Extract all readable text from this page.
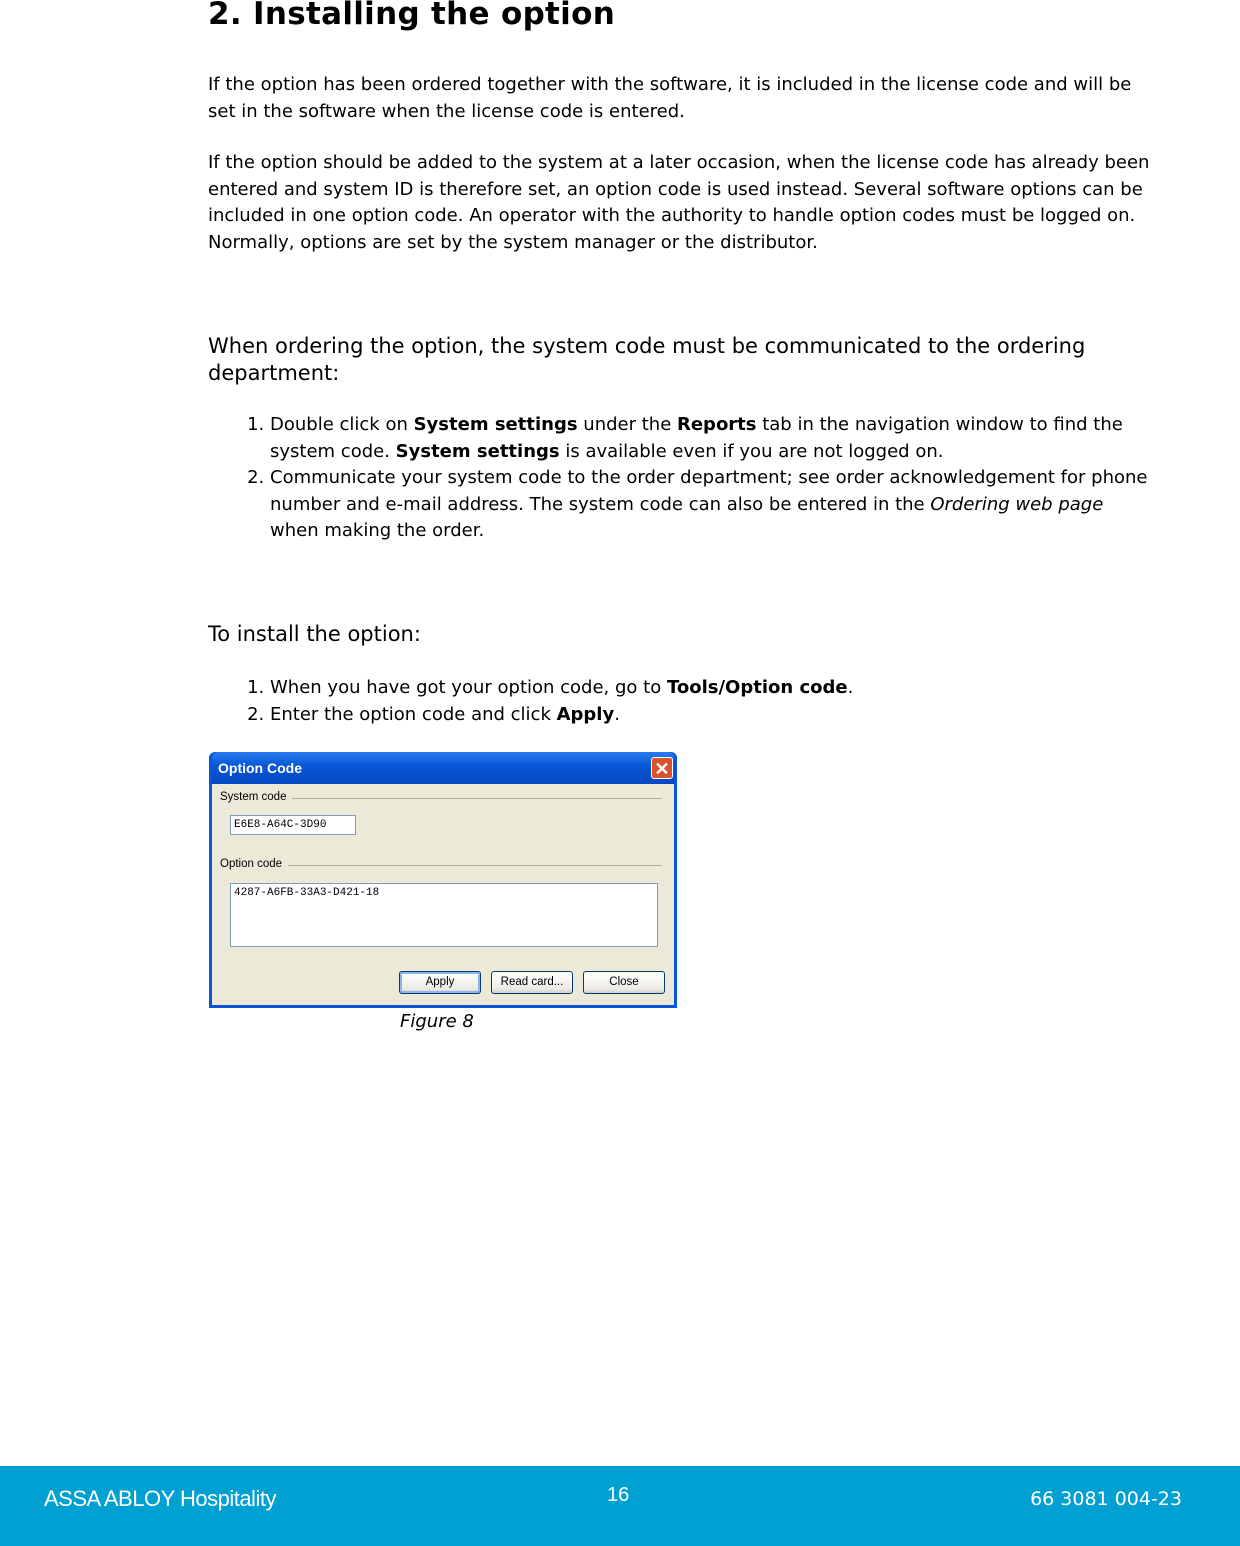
2. Installing the option

If the option has been ordered together with the software, it is included in the license code and will be set in the software when the license code is entered.

If the option should be added to the system at a later occasion, when the license code has already been entered and system ID is therefore set, an option code is used instead. Several software options can be included in one option code. An operator with the authority to handle option codes must be logged on. Normally, options are set by the system manager or the distributor.

When ordering the option, the system code must be communicated to the ordering department:

1. Double click on System settings under the Reports tab in the navigation window to find the system code. System settings is available even if you are not logged on.
2. Communicate your system code to the order department; see order acknowledgement for phone number and e-mail address. The system code can also be entered in the Ordering web page when making the order.

To install the option:

1. When you have got your option code, go to Tools/Option code.
2. Enter the option code and click Apply.
Option Code	✕
System code
E6E8-A64C-3D90
Option code
4287-A6FB-33A3-D421-18
Apply	Read card...	Close
Figure 8
ASSA ABLOY Hospitality	16	66 3081 004-23
